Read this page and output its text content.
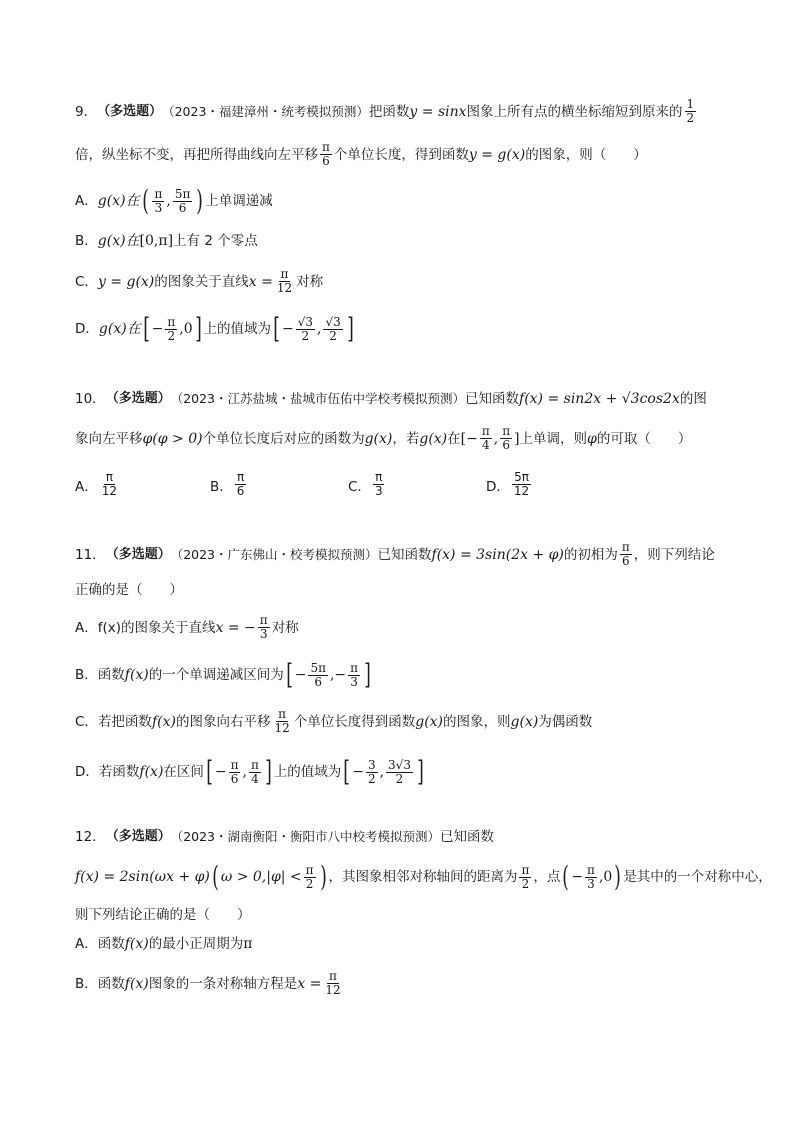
9． （多选题） （2023・福建漳州・统考模拟预测） 把函数 y = sinx 图象上所有点的横坐标缩短到原来的 $\frac{1}{2}$
倍，纵坐标不变，再把所得曲线向左平移 $\frac{\pi}{6}$ 个单位长度，得到函数 y = g(x) 的图象，则（　　）
A． g(x)在 ( $\frac{\pi}{3}$ , $\frac{5\pi}{6}$ ) 上单调递减
B． g(x)在 [0,π] 上有 2 个零点
C． y = g(x) 的图象关于直线 $x = \frac{\pi}{12}$ 对称
D． g(x)在 [ − $\frac{\pi}{2} ,0$ ] 上的值域为 [ − $\frac{√3}{2}$ , $\frac{√3}{2}$ ]
10． （多选题） （2023・江苏盐城・盐城市伍佑中学校考模拟预测） 已知函数 f(x) = sin2x + √3cos2x 的图
象向左平移 φ(φ > 0) 个单位长度后对应的函数为 g(x) ，若 g(x) 在 [− $\frac{\pi}{4}$ , $\frac{\pi}{6}$ ] 上单调，则 φ 的可取（　　）
A． $\frac{\pi}{12}$	B． $\frac{\pi}{6}$	C． $\frac{\pi}{3}$	D． $\frac{5\pi}{12}$
11． （多选题） （2023・广东佛山・校考模拟预测） 已知函数 f(x) = 3sin(2x + φ) 的初相为 $\frac{\pi}{6}$ ，则下列结论
正确的是（　　）
A． f(x)的图象关于直线 x = − $\frac{\pi}{3}$ 对称
B． 函数 f(x) 的一个单调递减区间为 [ − $\frac{5\pi}{6}$ ,− $\frac{\pi}{3}$ ]
C． 若把函数 f(x) 的图象向右平移 $\frac{\pi}{12}$ 个单位长度得到函数 g(x) 的图象，则 g(x) 为偶函数
D． 若函数 f(x) 在区间 [ − $\frac{\pi}{6}$ , $\frac{\pi}{4}$ ] 上的值域为 [ − $\frac{3}{2}$ , $\frac{3√3}{2}$ ]
12． （多选题） （2023・湖南衡阳・衡阳市八中校考模拟预测） 已知函数
f(x) = 2sin(ωx + φ) ( $\omega > 0,|\varphi| < \frac{\pi}{2}$ ) ，其图象相邻对称轴间的距离为 $\frac{\pi}{2}$ ，点 ( − $\frac{\pi}{3} ,0$ ) 是其中的一个对称中心，
则下列结论正确的是（　　）
A． 函数 f(x) 的最小正周期为 π
B． 函数 f(x) 图象的一条对称轴方程是 $x = \frac{\pi}{12}$
